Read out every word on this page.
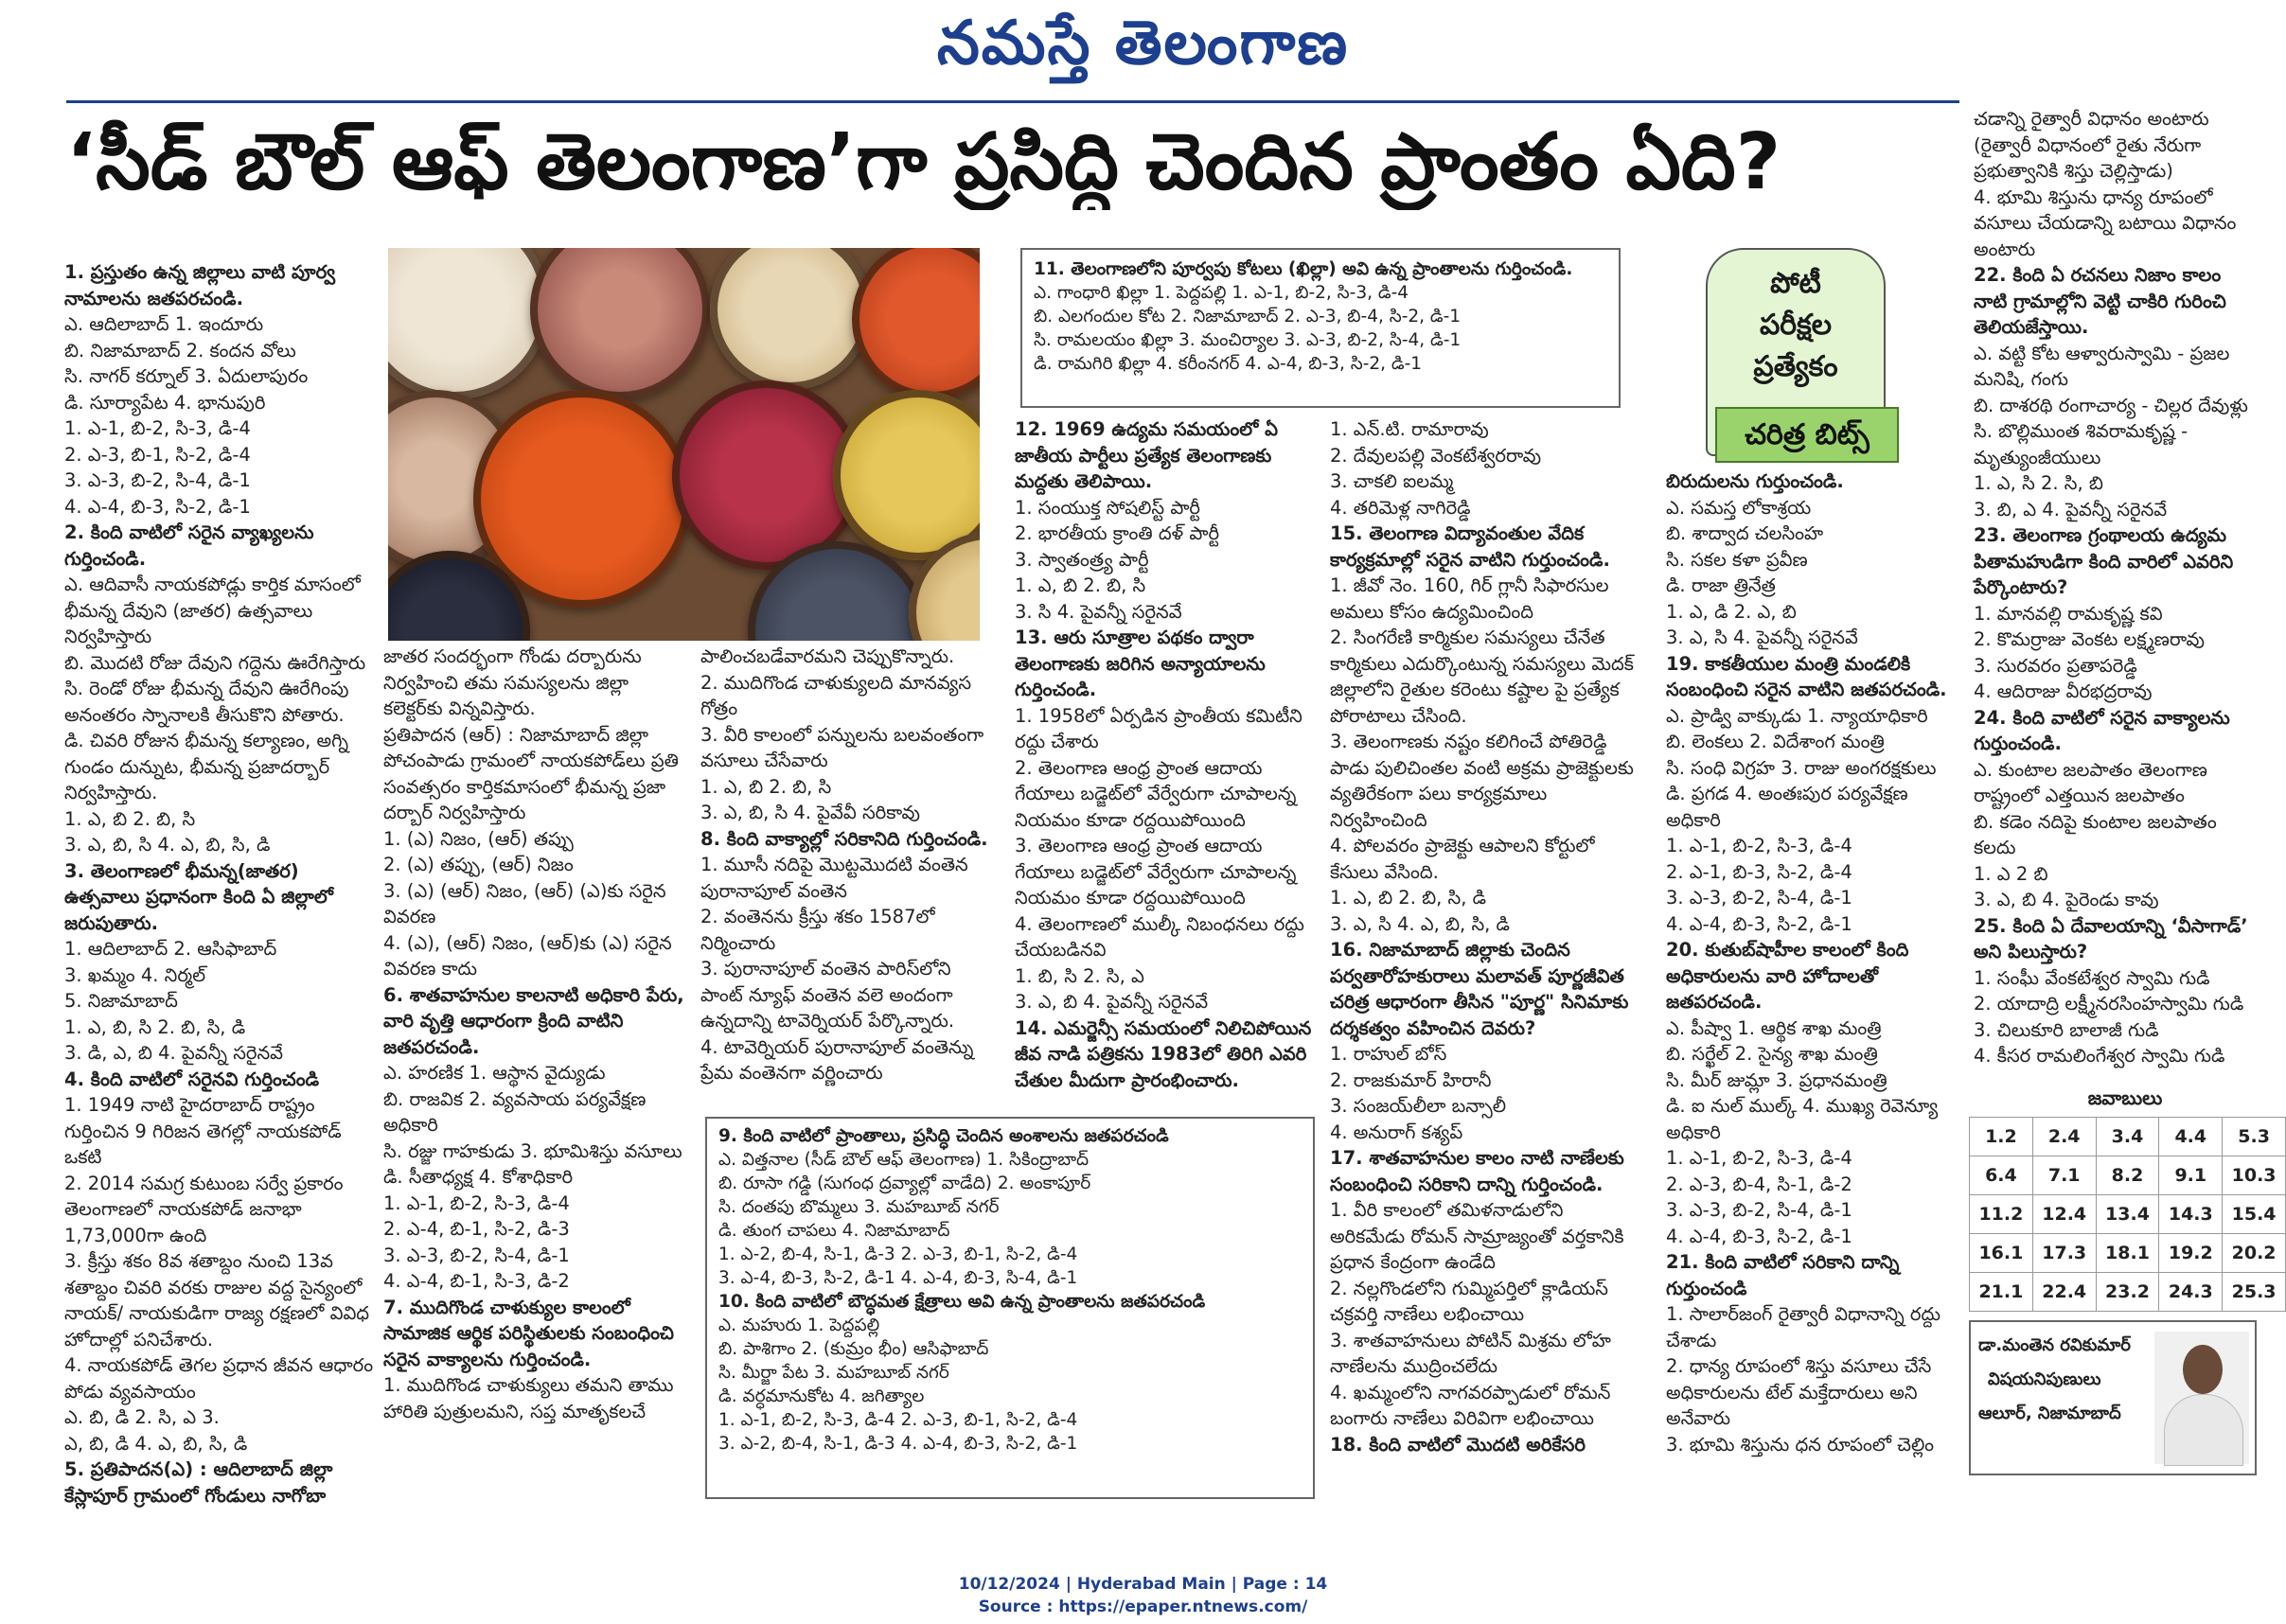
నమస్తే తెలంగాణ
‘సీడ్ బౌల్ ఆఫ్ తెలంగాణ’గా ప్రసిద్ధి చెందిన ప్రాంతం ఏది?
1. ప్రస్తుతం ఉన్న జిల్లాలు వాటి పూర్వ నామాలను జతపరచండి.
ఎ. ఆదిలాబాద్ 1. ఇందూరు
బి. నిజామాబాద్ 2. కందన వోలు
సి. నాగర్ కర్నూల్ 3. ఏదులాపురం
డి. సూర్యాపేట 4. భానుపురి
1. ఎ-1, బి-2, సి-3, డి-4
2. ఎ-3, బి-1, సి-2, డి-4
3. ఎ-3, బి-2, సి-4, డి-1
4. ఎ-4, బి-3, సి-2, డి-1
2. కింది వాటిలో సరైన వ్యాఖ్యలను గుర్తించండి.
ఎ. ఆదివాసీ నాయకపోడ్లు కార్తిక మాసంలో భీమన్న దేవుని (జాతర) ఉత్సవాలు నిర్వహిస్తారు
బి. మొదటి రోజు దేవుని గద్దెను ఊరేగిస్తారు
సి. రెండో రోజు భీమన్న దేవుని ఊరేగింపు అనంతరం స్నానాలకి తీసుకొని పోతారు.
డి. చివరి రోజున భీమన్న కల్యాణం, అగ్ని గుండం దున్నుట, భీమన్న ప్రజాదర్బార్ నిర్వహిస్తారు.
1. ఎ, బి 2. బి, సి
3. ఎ, బి, సి 4. ఎ, బి, సి, డి
3. తెలంగాణలో భీమన్న(జాతర) ఉత్సవాలు ప్రధానంగా కింది ఏ జిల్లాలో జరుపుతారు.
1. ఆదిలాబాద్ 2. ఆసిఫాబాద్
3. ఖమ్మం 4. నిర్మల్
5. నిజామాబాద్
1. ఎ, బి, సి 2. బి, సి, డి
3. డి, ఎ, బి 4. పైవన్నీ సరైనవే
4. కింది వాటిలో సరైనవి గుర్తించండి
1. 1949 నాటి హైదరాబాద్ రాష్ట్రం గుర్తించిన 9 గిరిజన తెగల్లో నాయకపోడ్ ఒకటి
2. 2014 సమగ్ర కుటుంబ సర్వే ప్రకారం తెలంగాణలో నాయకపోడ్ జనాభా 1,73,000గా ఉంది
3. క్రీస్తు శకం 8వ శతాబ్దం నుంచి 13వ శతాబ్దం చివరి వరకు రాజుల వద్ద సైన్యంలో నాయక్/ నాయకుడిగా రాజ్య రక్షణలో వివిధ హోదాల్లో పనిచేశారు.
4. నాయకపోడ్ తెగల ప్రధాన జీవన ఆధారం పోడు వ్యవసాయం
ఎ. బి, డి 2. సి, ఎ 3.
ఎ, బి, డి 4. ఎ, బి, సి, డి
5. ప్రతిపాదన(ఎ) : ఆదిలాబాద్ జిల్లా కేస్లాపూర్ గ్రామంలో గోండులు నాగోబా
జాతర సందర్భంగా గోండు దర్బారును నిర్వహించి తమ సమస్యలను జిల్లా కలెక్టర్‌కు విన్నవిస్తారు.
ప్రతిపాదన (ఆర్) : నిజామాబాద్ జిల్లా పోచంపాడు గ్రామంలో నాయకపోడ్‌లు ప్రతి సంవత్సరం కార్తికమాసంలో భీమన్న ప్రజా దర్బార్ నిర్వహిస్తారు
1. (ఎ) నిజం, (ఆర్) తప్పు
2. (ఎ) తప్పు, (ఆర్) నిజం
3. (ఎ) (ఆర్) నిజం, (ఆర్) (ఎ)కు సరైన వివరణ
4. (ఎ), (ఆర్) నిజం, (ఆర్)కు (ఎ) సరైన వివరణ కాదు
6. శాతవాహనుల కాలనాటి అధికారి పేరు, వారి వృత్తి ఆధారంగా క్రింది వాటిని జతపరచండి.
ఎ. హరణిక 1. ఆస్థాన వైద్యుడు
బి. రాజవిక 2. వ్యవసాయ పర్యవేక్షణ అధికారి
సి. రజ్జు గాహకుడు 3. భూమిశిస్తు వసూలు
డి. సీతాధ్యక్ష 4. కోశాధికారి
1. ఎ-1, బి-2, సి-3, డి-4
2. ఎ-4, బి-1, సి-2, డి-3
3. ఎ-3, బి-2, సి-4, డి-1
4. ఎ-4, బి-1, సి-3, డి-2
7. ముదిగొండ చాళుక్యుల కాలంలో సామాజిక ఆర్థిక పరిస్థితులకు సంబంధించి సరైన వాక్యాలను గుర్తించండి.
1. ముదిగొండ చాళుక్యులు తమని తాము హారితి పుత్రులమని, సప్త మాతృకలచే
పాలించబడేవారమని చెప్పుకొన్నారు.
2. ముదిగొండ చాళుక్యులది మానవ్యస గోత్రం
3. వీరి కాలంలో పన్నులను బలవంతంగా వసూలు చేసేవారు
1. ఎ, బి 2. బి, సి
3. ఎ, బి, సి 4. పైవేవీ సరికావు
8. కింది వాక్యాల్లో సరికానిది గుర్తించండి.
1. మూసీ నదిపై మొట్టమొదటి వంతెన పురానాపూల్ వంతెన
2. వంతెనను క్రీస్తు శకం 1587లో నిర్మించారు
3. పురానాపూల్ వంతెన పారిస్‌లోని పాంట్ న్యూఫ్ వంతెన వలె అందంగా ఉన్నదాన్ని టావెర్నియర్ పేర్కొన్నారు.
4. టావెర్నియర్ పురానాపూల్ వంతెన్ను ప్రేమ వంతెనగా వర్ణించారు
9. కింది వాటిలో ప్రాంతాలు, ప్రసిద్ధి చెందిన అంశాలను జతపరచండి
ఎ. విత్తనాల (సీడ్ బౌల్ ఆఫ్ తెలంగాణ) 1. సికింద్రాబాద్
బి. రూసా గడ్డి (సుగంధ ద్రవ్యాల్లో వాడేది) 2. అంకాపూర్
సి. దంతపు బొమ్మలు 3. మహబూబ్ నగర్
డి. తుంగ చాపలు 4. నిజామాబాద్
1. ఎ-2, బి-4, సి-1, డి-3 2. ఎ-3, బి-1, సి-2, డి-4
3. ఎ-4, బి-3, సి-2, డి-1 4. ఎ-4, బి-3, సి-4, డి-1
10. కింది వాటిలో బౌద్ధమత క్షేత్రాలు అవి ఉన్న ప్రాంతాలను జతపరచండి
ఎ. మహురు 1. పెద్దపల్లి
బి. పాశిగాం 2. (కుమ్రం భీం) ఆసిఫాబాద్
సి. మీర్జా పేట 3. మహబూబ్ నగర్
డి. వర్ధమానుకోట 4. జగిత్యాల
1. ఎ-1, బి-2, సి-3, డి-4 2. ఎ-3, బి-1, సి-2, డి-4
3. ఎ-2, బి-4, సి-1, డి-3 4. ఎ-4, బి-3, సి-2, డి-1
11. తెలంగాణలోని పూర్వపు కోటలు (ఖిల్లా) అవి ఉన్న ప్రాంతాలను గుర్తించండి.
ఎ. గాంధారి ఖిల్లా 1. పెద్దపల్లి 1. ఎ-1, బి-2, సి-3, డి-4
బి. ఎలగందుల కోట 2. నిజామాబాద్ 2. ఎ-3, బి-4, సి-2, డి-1
సి. రామలయం ఖిల్లా 3. మంచిర్యాల 3. ఎ-3, బి-2, సి-4, డి-1
డి. రామగిరి ఖిల్లా 4. కరీంనగర్ 4. ఎ-4, బి-3, సి-2, డి-1
12. 1969 ఉద్యమ సమయంలో ఏ జాతీయ పార్టీలు ప్రత్యేక తెలంగాణకు మద్దతు తెలిపాయి.
1. సంయుక్త సోషలిస్ట్ పార్టీ
2. భారతీయ క్రాంతి దళ్ పార్టీ
3. స్వాతంత్ర్య పార్టీ
1. ఎ, బి 2. బి, సి
3. సి 4. పైవన్నీ సరైనవే
13. ఆరు సూత్రాల పథకం ద్వారా తెలంగాణకు జరిగిన అన్యాయాలను గుర్తించండి.
1. 1958లో ఏర్పడిన ప్రాంతీయ కమిటీని రద్దు చేశారు
2. తెలంగాణ ఆంధ్ర ప్రాంత ఆదాయ గేయాలు బడ్జెట్‌లో వేర్వేరుగా చూపాలన్న నియమం కూడా రద్దయిపోయింది
3. తెలంగాణ ఆంధ్ర ప్రాంత ఆదాయ గేయాలు బడ్జెట్‌లో వేర్వేరుగా చూపాలన్న నియమం కూడా రద్దయిపోయింది
4. తెలంగాణలో ముల్కీ నిబంధనలు రద్దు చేయబడినవి
1. బి, సి 2. సి, ఎ
3. ఎ, బి 4. పైవన్నీ సరైనవే
14. ఎమర్జెన్సీ సమయంలో నిలిచిపోయిన జీవ నాడి పత్రికను 1983లో తిరిగి ఎవరి చేతుల మీదుగా ప్రారంభించారు.
1. ఎన్.టి. రామారావు
2. దేవులపల్లి వెంకటేశ్వరరావు
3. చాకలి ఐలమ్మ
4. తరిమెళ్ల నాగిరెడ్డి
15. తెలంగాణ విద్యావంతుల వేదిక కార్యక్రమాల్లో సరైన వాటిని గుర్తుంచండి.
1. జీవో నెం. 160, గిర్ గ్లానీ సిఫారసుల అమలు కోసం ఉద్యమించింది
2. సింగరేణి కార్మికుల సమస్యలు చేనేత కార్మికులు ఎదుర్కొంటున్న సమస్యలు మెదక్ జిల్లాలోని రైతుల కరెంటు కష్టాల పై ప్రత్యేక పోరాటాలు చేసింది.
3. తెలంగాణకు నష్టం కలిగించే పోతిరెడ్డి పాడు పులిచింతల వంటి అక్రమ ప్రాజెక్టులకు వ్యతిరేకంగా పలు కార్యక్రమాలు నిర్వహించింది
4. పోలవరం ప్రాజెక్టు ఆపాలని కోర్టులో కేసులు వేసింది.
1. ఎ, బి 2. బి, సి, డి
3. ఎ, సి 4. ఎ, బి, సి, డి
16. నిజామాబాద్ జిల్లాకు చెందిన పర్వతారోహకురాలు మలావత్ పూర్ణజీవిత చరిత్ర ఆధారంగా తీసిన "పూర్ణ" సినిమాకు దర్శకత్వం వహించిన దెవరు?
1. రాహుల్ బోస్
2. రాజకుమార్ హిరానీ
3. సంజయ్‌లీలా బన్సాలీ
4. అనురాగ్ కశ్యప్
17. శాతవాహనుల కాలం నాటి నాణేలకు సంబంధించి సరికాని దాన్ని గుర్తించండి.
1. వీరి కాలంలో తమిళనాడులోని అరికమేడు రోమన్ సామ్రాజ్యంతో వర్తకానికి ప్రధాన కేంద్రంగా ఉండేది
2. నల్లగొండలోని గుమ్మిపర్తిలో క్లాడియస్ చక్రవర్తి నాణేలు లభించాయి
3. శాతవాహనులు పోటిన్ మిశ్రమ లోహ నాణేలను ముద్రించలేదు
4. ఖమ్మంలోని నాగవరప్పాడులో రోమన్ బంగారు నాణేలు విరివిగా లభించాయి
18. కింది వాటిలో మొదటి అరికేసరి
పోటీ
పరీక్షల
ప్రత్యేకం
చరిత్ర బిట్స్
బిరుదులను గుర్తుంచండి.
ఎ. సమస్త లోకాశ్రయ
బి. శాద్వాద చలసింహ
సి. సకల కళా ప్రవీణ
డి. రాజా త్రినేత్ర
1. ఎ, డి 2. ఎ, బి
3. ఎ, సి 4. పైవన్నీ సరైనవే
19. కాకతీయుల మంత్రి మండలికి సంబంధించి సరైన వాటిని జతపరచండి.
ఎ. ప్రాడ్వి వాక్కుడు 1. న్యాయాధికారి
బి. లెంకలు 2. విదేశాంగ మంత్రి
సి. సంధి విగ్రహ 3. రాజు అంగరక్షకులు
డి. ప్రగడ 4. అంతఃపుర పర్యవేక్షణ అధికారి
1. ఎ-1, బి-2, సి-3, డి-4
2. ఎ-1, బి-3, సి-2, డి-4
3. ఎ-3, బి-2, సి-4, డి-1
4. ఎ-4, బి-3, సి-2, డి-1
20. కుతుబ్‌షాహీల కాలంలో కింది అధికారులను వారి హోదాలతో జతపరచండి.
ఎ. పీష్వా 1. ఆర్థిక శాఖ మంత్రి
బి. సర్ఖేల్ 2. సైన్య శాఖ మంత్రి
సి. మీర్ జుమ్లా 3. ప్రధానమంత్రి
డి. ఐ నుల్ ముల్క్ 4. ముఖ్య రెవెన్యూ అధికారి
1. ఎ-1, బి-2, సి-3, డి-4
2. ఎ-3, బి-4, సి-1, డి-2
3. ఎ-3, బి-2, సి-4, డి-1
4. ఎ-4, బి-3, సి-2, డి-1
21. కింది వాటిలో సరికాని దాన్ని గుర్తుంచండి
1. సాలార్‌జంగ్ రైత్వారీ విధానాన్ని రద్దు చేశాడు
2. ధాన్య రూపంలో శిస్తు వసూలు చేసే అధికారులను టేల్ మక్తేదారులు అని అనేవారు
3. భూమి శిస్తును ధన రూపంలో చెల్లిం
చడాన్ని రైత్వారీ విధానం అంటారు (రైత్వారీ విధానంలో రైతు నేరుగా ప్రభుత్వానికి శిస్తు చెల్లిస్తాడు)
4. భూమి శిస్తును ధాన్య రూపంలో వసూలు చేయడాన్ని బటాయి విధానం అంటారు
22. కింది ఏ రచనలు నిజాం కాలం నాటి గ్రామాల్లోని వెట్టి చాకిరి గురించి తెలియజేస్తాయి.
ఎ. వట్టి కోట ఆళ్వారుస్వామి - ప్రజల మనిషి, గంగు
బి. దాశరథి రంగాచార్య - చిల్లర దేవుళ్లు
సి. బొల్లిముంత శివరామకృష్ణ - మృత్యుంజీయులు
1. ఎ, సి 2. సి, బి
3. బి, ఎ 4. పైవన్నీ సరైనవే
23. తెలంగాణ గ్రంథాలయ ఉద్యమ పితామహుడిగా కింది వారిలో ఎవరిని పేర్కొంటారు?
1. మానవల్లి రామకృష్ణ కవి
2. కొమర్రాజు వెంకట లక్ష్మణరావు
3. సురవరం ప్రతాపరెడ్డి
4. ఆదిరాజు వీరభద్రరావు
24. కింది వాటిలో సరైన వాక్యాలను గుర్తుంచండి.
ఎ. కుంటాల జలపాతం తెలంగాణ రాష్ట్రంలో ఎత్తయిన జలపాతం
బి. కడెం నదిపై కుంటాల జలపాతం కలదు
1. ఎ 2 బి
3. ఎ, బి 4. పైరెండు కావు
25. కింది ఏ దేవాలయాన్ని ‘వీసాగాడ్’ అని పిలుస్తారు?
1. సంఘీ వేంకటేశ్వర స్వామి గుడి
2. యాదాద్రి లక్ష్మీనరసింహస్వామి గుడి
3. చిలుకూరి బాలాజీ గుడి
4. కీసర రామలింగేశ్వర స్వామి గుడి
జవాబులు
1.2	2.4	3.4	4.4	5.3
6.4	7.1	8.2	9.1	10.3
11.2	12.4	13.4	14.3	15.4
16.1	17.3	18.1	19.2	20.2
21.1	22.4	23.2	24.3	25.3
డా.మంతెన రవికుమార్
విషయనిపుణులు
ఆలూర్, నిజామాబాద్
10/12/2024 | Hyderabad Main | Page : 14
Source : https://epaper.ntnews.com/
